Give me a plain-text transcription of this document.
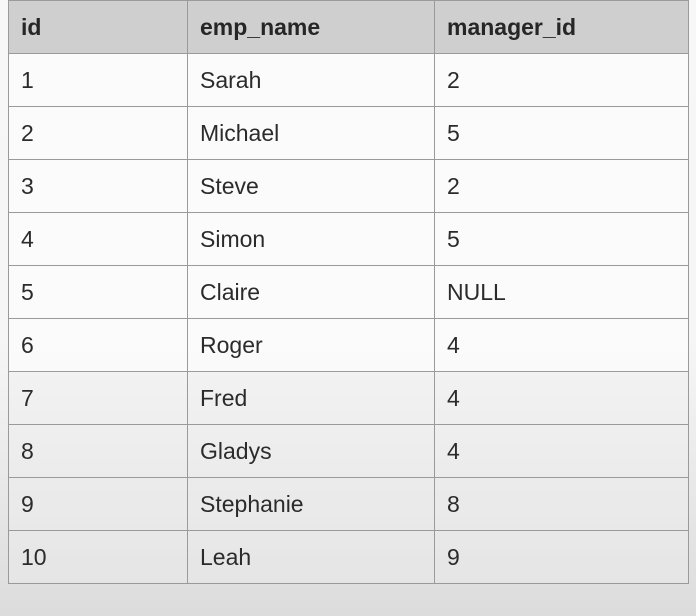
id	emp_name	manager_id
1	Sarah	2
2	Michael	5
3	Steve	2
4	Simon	5
5	Claire	NULL
6	Roger	4
7	Fred	4
8	Gladys	4
9	Stephanie	8
10	Leah	9
